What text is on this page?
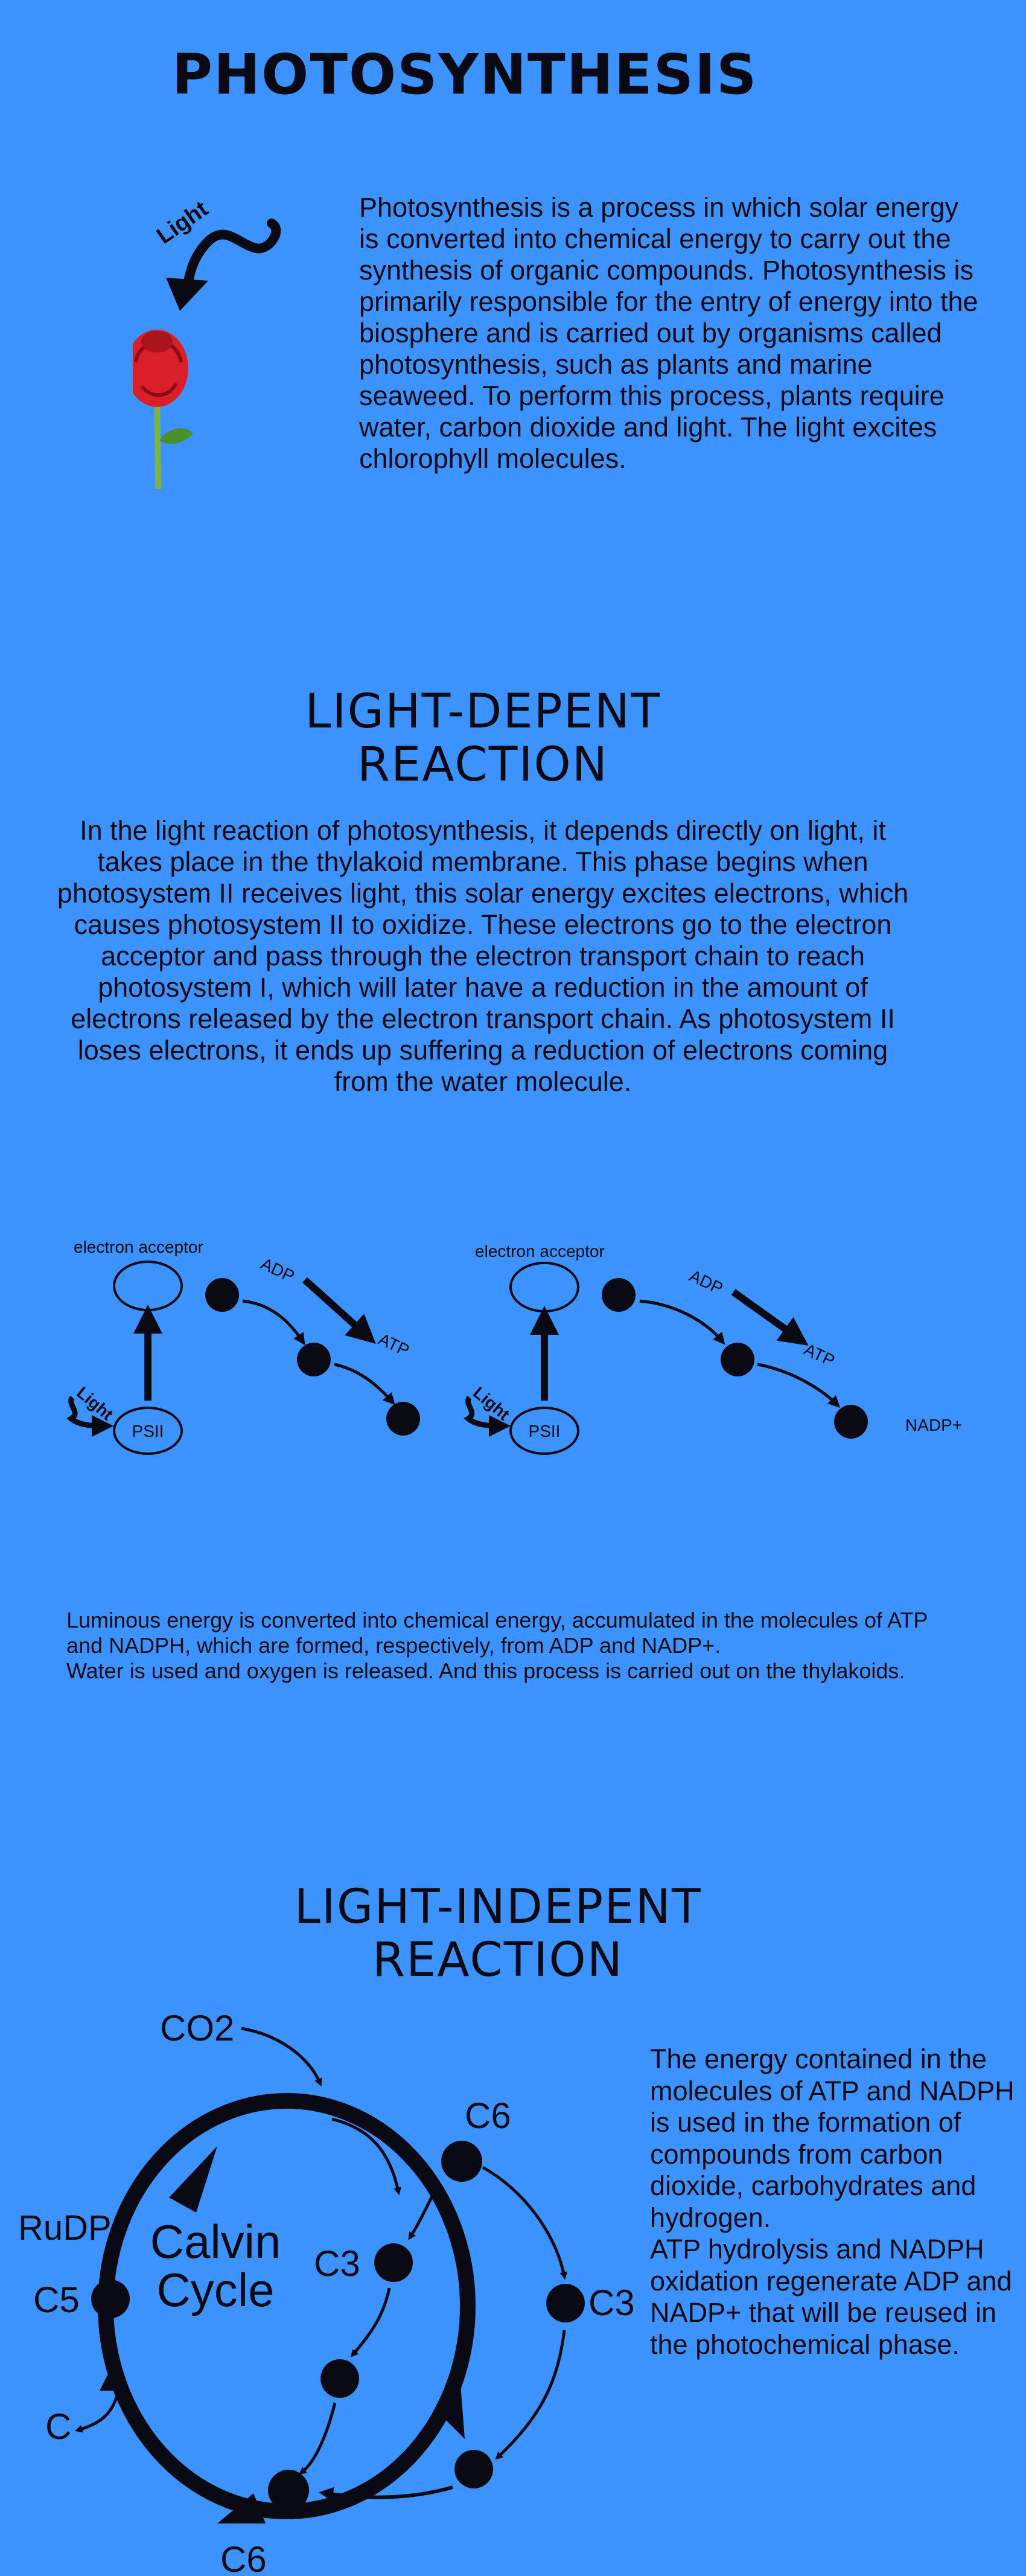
PHOTOSYNTHESIS
Light	Photosynthesis is a process in which solar energy is converted into chemical energy to carry out the synthesis of organic compounds. Photosynthesis is primarily responsible for the entry of energy into the biosphere and is carried out by organisms called photosynthesis, such as plants and marine seaweed. To perform this process, plants require water, carbon dioxide and light. The light excites chlorophyll molecules.

LIGHT-DEPENT
REACTION

In the light reaction of photosynthesis, it depends directly on light, it takes place in the thylakoid membrane. This phase begins when photosystem II receives light, this solar energy excites electrons, which causes photosystem II to oxidize. These electrons go to the electron acceptor and pass through the electron transport chain to reach photosystem I, which will later have a reduction in the amount of electrons released by the electron transport chain. As photosystem II loses electrons, it ends up suffering a reduction of electrons coming from the water molecule.

electron acceptor
PSII
Light
ADP
ATP
electron acceptor
PSII
Light
ADP
ATP
NADP+
Luminous energy is converted into chemical energy, accumulated in the molecules of ATP and NADPH, which are formed, respectively, from ADP and NADP+.
Water is used and oxygen is released. And this process is carried out on the thylakoids.
LIGHT-INDEPENT
REACTION
CO2
C6
RuDP
C5
Calvin
Cycle C3
C3
C
C6
The energy contained in the molecules of ATP and NADPH is used in the formation of compounds from carbon dioxide, carbohydrates and hydrogen.
ATP hydrolysis and NADPH oxidation regenerate ADP and NADP+ that will be reused in the photochemical phase.
